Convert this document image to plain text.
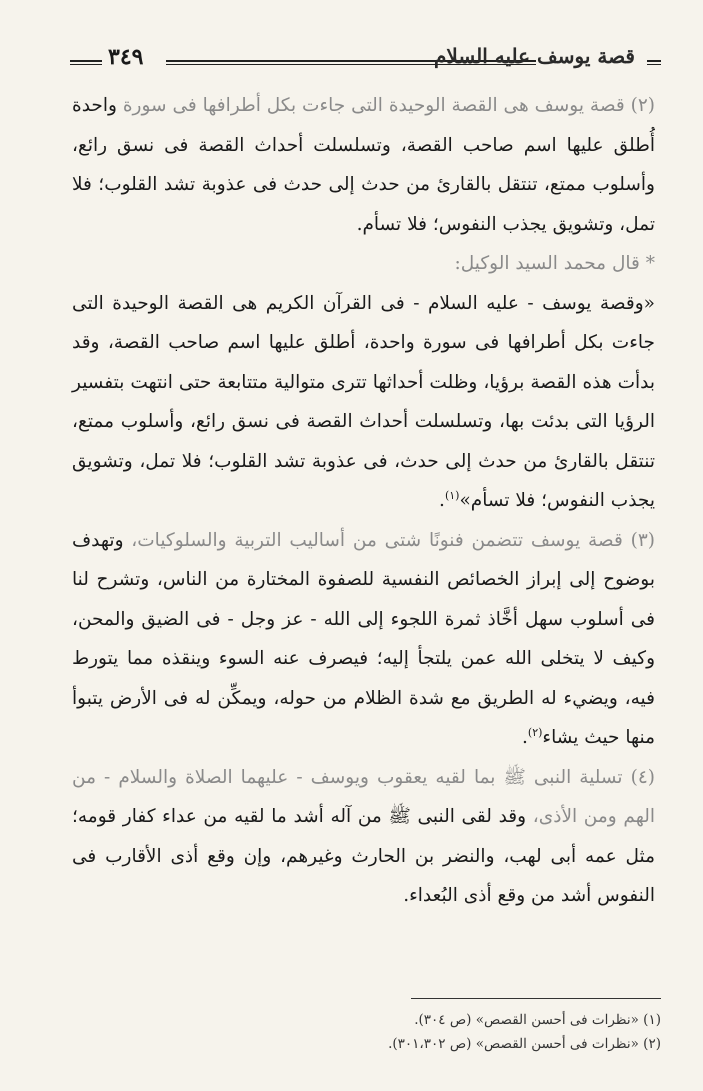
٣٤٩	قصة يوسف عليه السلام

(٢) قصة يوسف هى القصة الوحيدة التى جاءت بكل أطرافها فى سورة واحدة أُطلق عليها اسم صاحب القصة، وتسلسلت أحداث القصة فى نسق رائع، وأسلوب ممتع، تنتقل بالقارئ من حدث إلى حدث فى عذوبة تشد القلوب؛ فلا تمل، وتشويق يجذب النفوس؛ فلا تسأم.

* قال محمد السيد الوكيل:

«وقصة يوسف - عليه السلام - فى القرآن الكريم هى القصة الوحيدة التى جاءت بكل أطرافها فى سورة واحدة، أطلق عليها اسم صاحب القصة، وقد بدأت هذه القصة برؤيا، وظلت أحداثها تترى متوالية متتابعة حتى انتهت بتفسير الرؤيا التى بدئت بها، وتسلسلت أحداث القصة فى نسق رائع، وأسلوب ممتع، تنتقل بالقارئ من حدث إلى حدث، فى عذوبة تشد القلوب؛ فلا تمل، وتشويق يجذب النفوس؛ فلا تسأم»$^{(١)}$.

(٣) قصة يوسف تتضمن فنونًا شتى من أساليب التربية والسلوكيات، وتهدف بوضوح إلى إبراز الخصائص النفسية للصفوة المختارة من الناس، وتشرح لنا فى أسلوب سهل أخَّاذ ثمرة اللجوء إلى الله - عز وجل - فى الضيق والمحن، وكيف لا يتخلى الله عمن يلتجأ إليه؛ فيصرف عنه السوء وينقذه مما يتورط فيه، ويضيء له الطريق مع شدة الظلام من حوله، ويمكِّن له فى الأرض يتبوأ منها حيث يشاء$^{(٢)}$.

(٤) تسلية النبى ﷺ بما لقيه يعقوب ويوسف - عليهما الصلاة والسلام - من الهم ومن الأذى، وقد لقى النبى ﷺ من آله أشد ما لقيه من عداء كفار قومه؛ مثل عمه أبى لهب، والنضر بن الحارث وغيرهم، وإن وقع أذى الأقارب فى النفوس أشد من وقع أذى البُعداء.

(١) «نظرات فى أحسن القصص» (ص ٣٠٤).

(٢) «نظرات فى أحسن القصص» (ص ٣٠١،٣٠٢).
